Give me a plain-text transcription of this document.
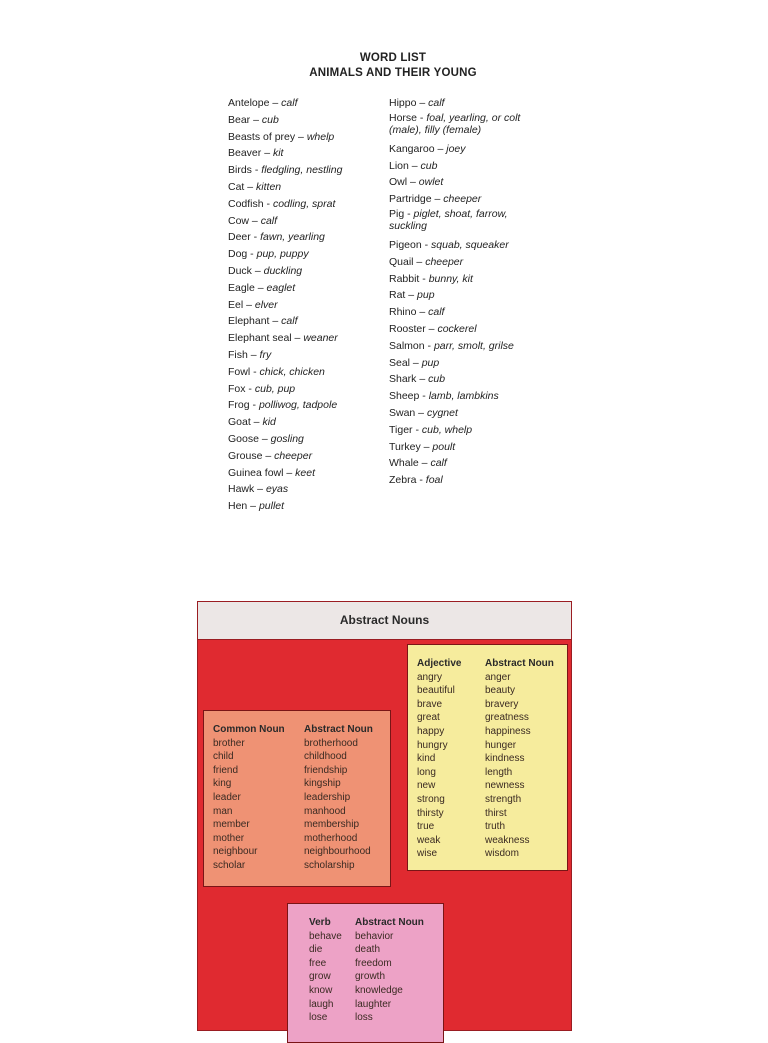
WORD LIST
ANIMALS AND THEIR YOUNG
Antelope – calf
Bear – cub
Beasts of prey – whelp
Beaver – kit
Birds - fledgling, nestling
Cat – kitten
Codfish - codling, sprat
Cow – calf
Deer - fawn, yearling
Dog - pup, puppy
Duck – duckling
Eagle – eaglet
Eel – elver
Elephant – calf
Elephant seal – weaner
Fish – fry
Fowl - chick, chicken
Fox - cub, pup
Frog - polliwog, tadpole
Goat – kid
Goose – gosling
Grouse – cheeper
Guinea fowl – keet
Hawk – eyas
Hen – pullet
Hippo – calf
Horse - foal, yearling, or colt (male), filly (female)
Kangaroo – joey
Lion – cub
Owl – owlet
Partridge – cheeper
Pig - piglet, shoat, farrow, suckling
Pigeon - squab, squeaker
Quail – cheeper
Rabbit - bunny, kit
Rat – pup
Rhino – calf
Rooster – cockerel
Salmon - parr, smolt, grilse
Seal – pup
Shark – cub
Sheep - lamb, lambkins
Swan – cygnet
Tiger - cub, whelp
Turkey – poult
Whale – calf
Zebra - foal
Abstract Nouns
Common Noun
brother
child
friend
king
leader
man
member
mother
neighbour
scholar
Abstract Noun
brotherhood
childhood
friendship
kingship
leadership
manhood
membership
motherhood
neighbourhood
scholarship
Adjective
angry
beautiful
brave
great
happy
hungry
kind
long
new
strong
thirsty
true
weak
wise
Abstract Noun
anger
beauty
bravery
greatness
happiness
hunger
kindness
length
newness
strength
thirst
truth
weakness
wisdom
Verb
behave
die
free
grow
know
laugh
lose
Abstract Noun
behavior
death
freedom
growth
knowledge
laughter
loss
